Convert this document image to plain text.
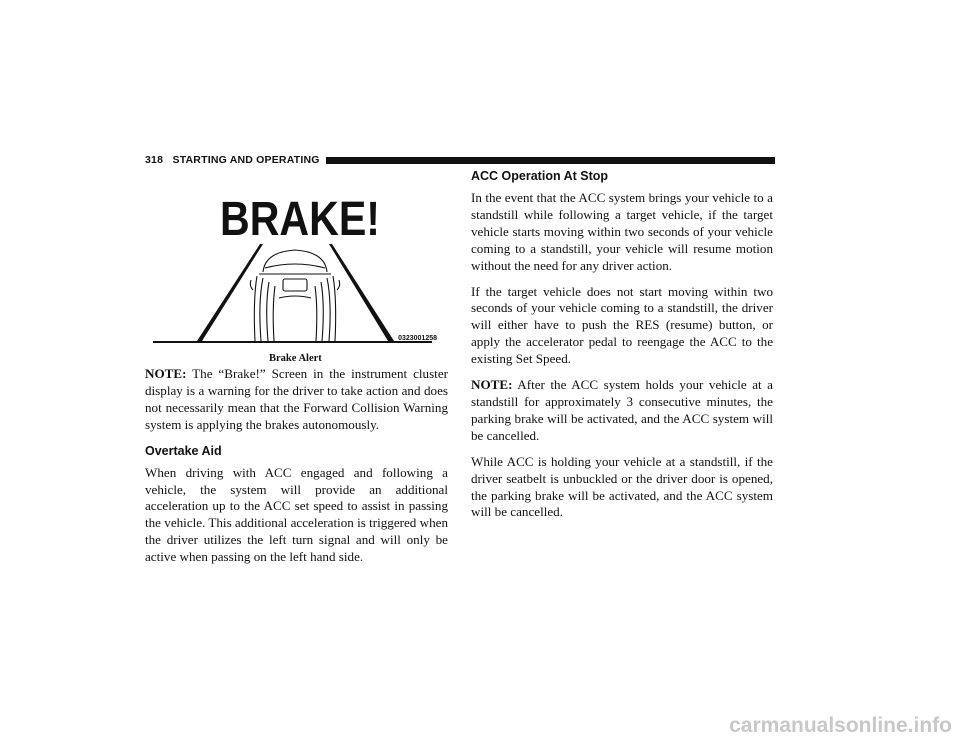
318 STARTING AND OPERATING
BRAKE!
0323001258
Brake Alert

NOTE: The “Brake!” Screen in the instrument cluster display is a warning for the driver to take action and does not necessarily mean that the Forward Collision Warning system is applying the brakes autonomously.

Overtake Aid

When driving with ACC engaged and following a vehicle, the system will provide an additional acceleration up to the ACC set speed to assist in passing the vehicle. This additional acceleration is triggered when the driver utilizes the left turn signal and will only be active when passing on the left hand side.

ACC Operation At Stop

In the event that the ACC system brings your vehicle to a standstill while following a target vehicle, if the target vehicle starts moving within two seconds of your vehicle coming to a standstill, your vehicle will resume motion without the need for any driver action.

If the target vehicle does not start moving within two seconds of your vehicle coming to a standstill, the driver will either have to push the RES (resume) button, or apply the accelerator pedal to reengage the ACC to the existing Set Speed.

NOTE: After the ACC system holds your vehicle at a standstill for approximately 3 consecutive minutes, the parking brake will be activated, and the ACC system will be cancelled.

While ACC is holding your vehicle at a standstill, if the driver seatbelt is unbuckled or the driver door is opened, the parking brake will be activated, and the ACC system will be cancelled.

carmanualsonline.info
